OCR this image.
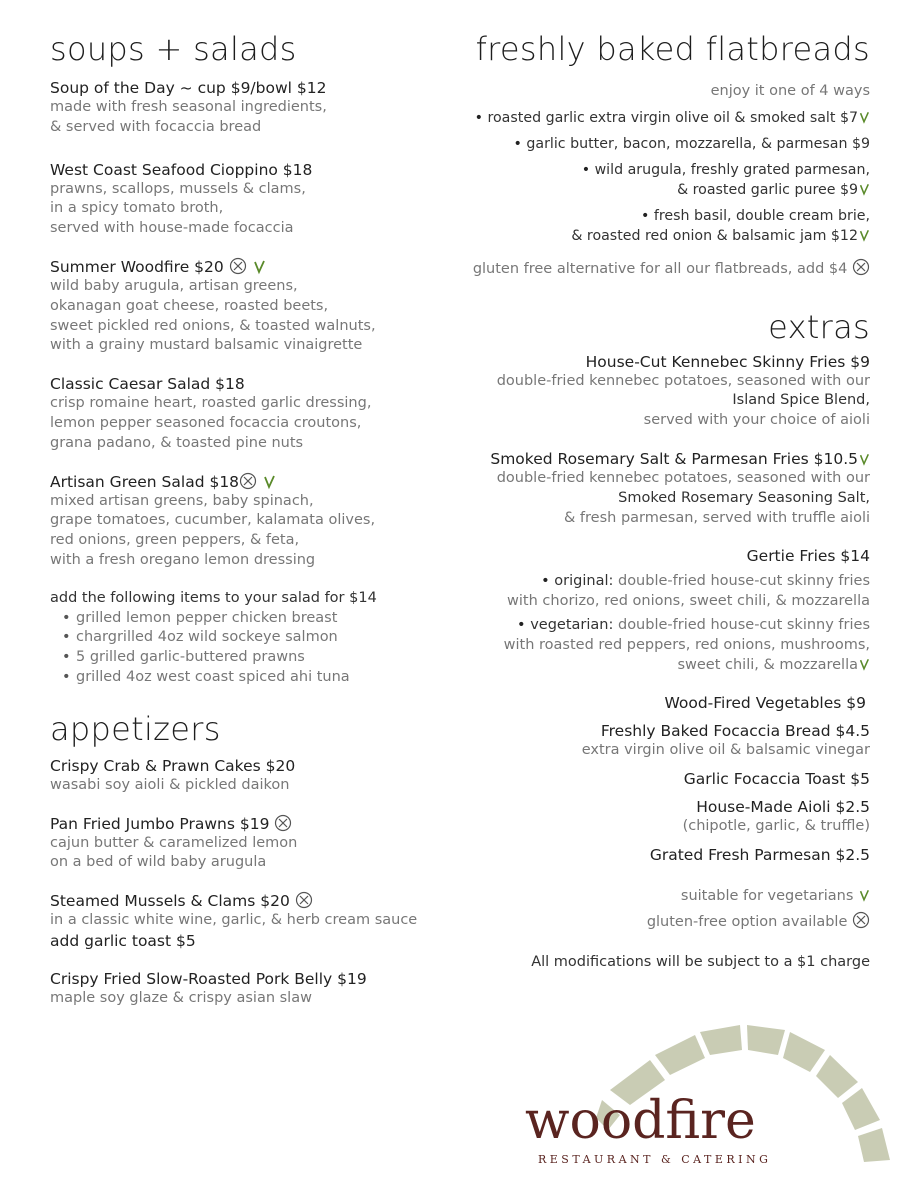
soups + salads
Soup of the Day ~ cup $9/bowl $12
made with fresh seasonal ingredients,
& served with focaccia bread
West Coast Seafood Cioppino $18
prawns, scallops, mussels & clams,
in a spicy tomato broth,
served with house-made focaccia
Summer Woodfire $20
wild baby arugula, artisan greens,
okanagan goat cheese, roasted beets,
sweet pickled red onions, & toasted walnuts,
with a grainy mustard balsamic vinaigrette
Classic Caesar Salad $18
crisp romaine heart, roasted garlic dressing,
lemon pepper seasoned focaccia croutons,
grana padano, & toasted pine nuts
Artisan Green Salad $18
mixed artisan greens, baby spinach,
grape tomatoes, cucumber, kalamata olives,
red onions, green peppers, & feta,
with a fresh oregano lemon dressing
add the following items to your salad for $14
• grilled lemon pepper chicken breast
• chargrilled 4oz wild sockeye salmon
• 5 grilled garlic-buttered prawns
• grilled 4oz west coast spiced ahi tuna
appetizers
Crispy Crab & Prawn Cakes $20
wasabi soy aioli & pickled daikon
Pan Fried Jumbo Prawns $19
cajun butter & caramelized lemon
on a bed of wild baby arugula
Steamed Mussels & Clams $20
in a classic white wine, garlic, & herb cream sauce
add garlic toast $5
Crispy Fried Slow-Roasted Pork Belly $19
maple soy glaze & crispy asian slaw
freshly baked flatbreads
enjoy it one of 4 ways
• roasted garlic extra virgin olive oil & smoked salt $7
• garlic butter, bacon, mozzarella, & parmesan $9
• wild arugula, freshly grated parmesan,
& roasted garlic puree $9
• fresh basil, double cream brie,
& roasted red onion & balsamic jam $12
gluten free alternative for all our flatbreads, add $4
extras
House-Cut Kennebec Skinny Fries $9
double-fried kennebec potatoes, seasoned with our
Island Spice Blend,
served with your choice of aioli
Smoked Rosemary Salt & Parmesan Fries $10.5
double-fried kennebec potatoes, seasoned with our
Smoked Rosemary Seasoning Salt,
& fresh parmesan, served with truffle aioli
Gertie Fries $14
• original: double-fried house-cut skinny fries
with chorizo, red onions, sweet chili, & mozzarella
• vegetarian: double-fried house-cut skinny fries
with roasted red peppers, red onions, mushrooms,
sweet chili, & mozzarella
Wood-Fired Vegetables $9
Freshly Baked Focaccia Bread $4.5
extra virgin olive oil & balsamic vinegar
Garlic Focaccia Toast $5
House-Made Aioli $2.5
(chipotle, garlic, & truffle)
Grated Fresh Parmesan $2.5
suitable for vegetarians
gluten-free option available
All modifications will be subject to a $1 charge
woodfire
RESTAURANT & CATERING
